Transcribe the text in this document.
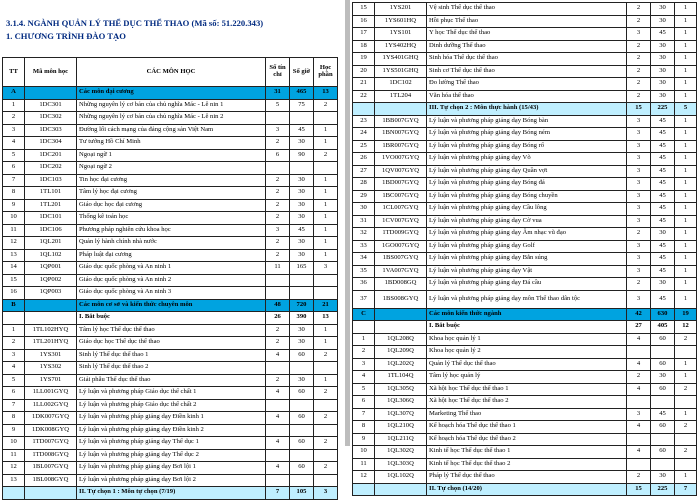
3.1.4. NGÀNH QUẢN LÝ THỂ DỤC THỂ THAO (Mã số: 51.220.343)
1. CHƯƠNG TRÌNH ĐÀO TẠO
TT	Mã môn học	CÁC MÔN HỌC	Số tín chỉ	Số giờ	Học phần
A		Các môn đại cương	31	465	13
1	1DC301	Những nguyên lý cơ bản của chủ nghĩa Mác - Lê nin 1	5	75	2
2	1DC302	Những nguyên lý cơ bản của chủ nghĩa Mác - Lê nin 2			
3	1DC303	Đường lối cách mạng của đảng cộng sản Việt Nam	3	45	1
4	1DC304	Tư tưởng Hồ Chí Minh	2	30	1
5	1DC201	Ngoại ngữ 1	6	90	2
6	1DC202	Ngoại ngữ 2			
7	1DC103	Tin học đại cương	2	30	1
8	1TL101	Tâm lý học đại cương	2	30	1
9	1TL201	Giáo dục học đại cương	2	30	1
10	1DC101	Thống kê toán học	2	30	1
11	1DC106	Phương pháp nghiên cứu khoa học	3	45	1
12	1QL201	Quản lý hành chính nhà nước	2	30	1
13	1QL102	Pháp luật đại cương	2	30	1
14	1QP001	Giáo dục quốc phòng và An ninh 1	11	165	3
15	1QP002	Giáo dục quốc phòng và An ninh 2			
16	1QP003	Giáo dục quốc phòng và An ninh 3			
B		Các môn cơ sở và kiến thức chuyên môn	48	720	21
		I. Bắt buộc	26	390	13
1	1TL102HYQ	Tâm lý học Thể dục thể thao	2	30	1
2	1TL201HYQ	Giáo dục học Thể dục thể thao	2	30	1
3	1YS301	Sinh lý Thể dục thể thao 1	4	60	2
4	1YS302	Sinh lý Thể dục thể thao 2			
5	1YS701	Giải phẫu Thể dục thể thao	2	30	1
6	1LL001GYQ	Lý luận và phương pháp Giáo dục thể chất 1	4	60	2
7	1LL002GYQ	Lý luận và phương pháp Giáo dục thể chất 2			
8	1DK007GYQ	Lý luận và phương pháp giảng dạy Điền kinh 1	4	60	2
9	1DK008GYQ	Lý luận và phương pháp giảng dạy Điền kinh 2			
10	1TD007GYQ	Lý luận và phương pháp giảng dạy Thể dục 1	4	60	2
11	1TD008GYQ	Lý luận và phương pháp giảng dạy Thể dục 2			
12	1BL007GYQ	Lý luận và phương pháp giảng dạy Bơi lội 1	4	60	2
13	1BL008GYQ	Lý luận và phương pháp giảng dạy Bơi lội 2			
		II. Tự chọn 1 : Môn tự chọn (7/19)	7	105	3
15	1YS201	Vệ sinh Thể dục thể thao	2	30	1
16	1YS601HQ	Hồi phục Thể thao	2	30	1
17	1YS101	Y học Thể dục thể thao	3	45	1
18	1YS402HQ	Dinh dưỡng Thể thao	2	30	1
19	1YS401GHQ	Sinh hóa Thể dục thể thao	2	30	1
20	1YS501GHQ	Sinh cơ Thể dục thể thao	2	30	1
21	1DC102	Đo lường Thể thao	2	30	1
22	1TL204	Văn hóa thể thao	2	30	1
		III. Tự chọn 2 : Môn thực hành (15/43)	15	225	5
23	1BB007GYQ	Lý luận và phương pháp giảng dạy Bóng bàn	3	45	1
24	1BN007GYQ	Lý luận và phương pháp giảng dạy Bóng ném	3	45	1
25	1BR007GYQ	Lý luận và phương pháp giảng dạy Bóng rổ	3	45	1
26	1VO007GYQ	Lý luận và phương pháp giảng dạy Võ	3	45	1
27	1QV007GYQ	Lý luận và phương pháp giảng dạy Quần vợt	3	45	1
28	1BD007GYQ	Lý luận và phương pháp giảng dạy Bóng đá	3	45	1
29	1BC007GYQ	Lý luận và phương pháp giảng dạy Bóng chuyền	3	45	1
30	1CL007GYQ	Lý luận và phương pháp giảng dạy Cầu lông	3	45	1
31	1CV007GYQ	Lý luận và phương pháp giảng dạy Cờ vua	3	45	1
32	1TD009GYQ	Lý luận và phương pháp giảng dạy Âm nhạc vũ đạo	2	30	1
33	1GO007GYQ	Lý luận và phương pháp giảng dạy Golf	3	45	1
34	1BS007GYQ	Lý luận và phương pháp giảng dạy Bắn súng	3	45	1
35	1VA007GYQ	Lý luận và phương pháp giảng dạy Vật	3	45	1
36	1BD008GQ	Lý luận và phương pháp giảng dạy Đá cầu	2	30	1
37	1BS008GYQ	Lý luận và phương pháp giảng dạy môn Thể thao dân tộc	3	45	1
C		Các môn kiến thức ngành	42	630	19
		I. Bắt buộc	27	405	12
1	1QL208Q	Khoa học quản lý 1	4	60	2
2	1QL209Q	Khoa học quản lý 2			
3	1QL202Q	Quản lý Thể dục thể thao	4	60	1
4	1TL104Q	Tâm lý học quản lý	2	30	1
5	1QL305Q	Xã hội học Thể dục thể thao 1	4	60	2
6	1QL306Q	Xã hội học Thể dục thể thao 2			
7	1QL307Q	Marketing Thể thao	3	45	1
8	1QL210Q	Kế hoạch hóa Thể dục thể thao 1	4	60	2
9	1QL211Q	Kế hoạch hóa Thể dục thể thao 2			
10	1QL302Q	Kinh tế học Thể dục thể thao 1	4	60	2
11	1QL303Q	Kinh tế học Thể dục thể thao 2			
12	1QL102Q	Pháp lý Thể dục thể thao	2	30	1
		II. Tự chọn (14/20)	15	225	7
